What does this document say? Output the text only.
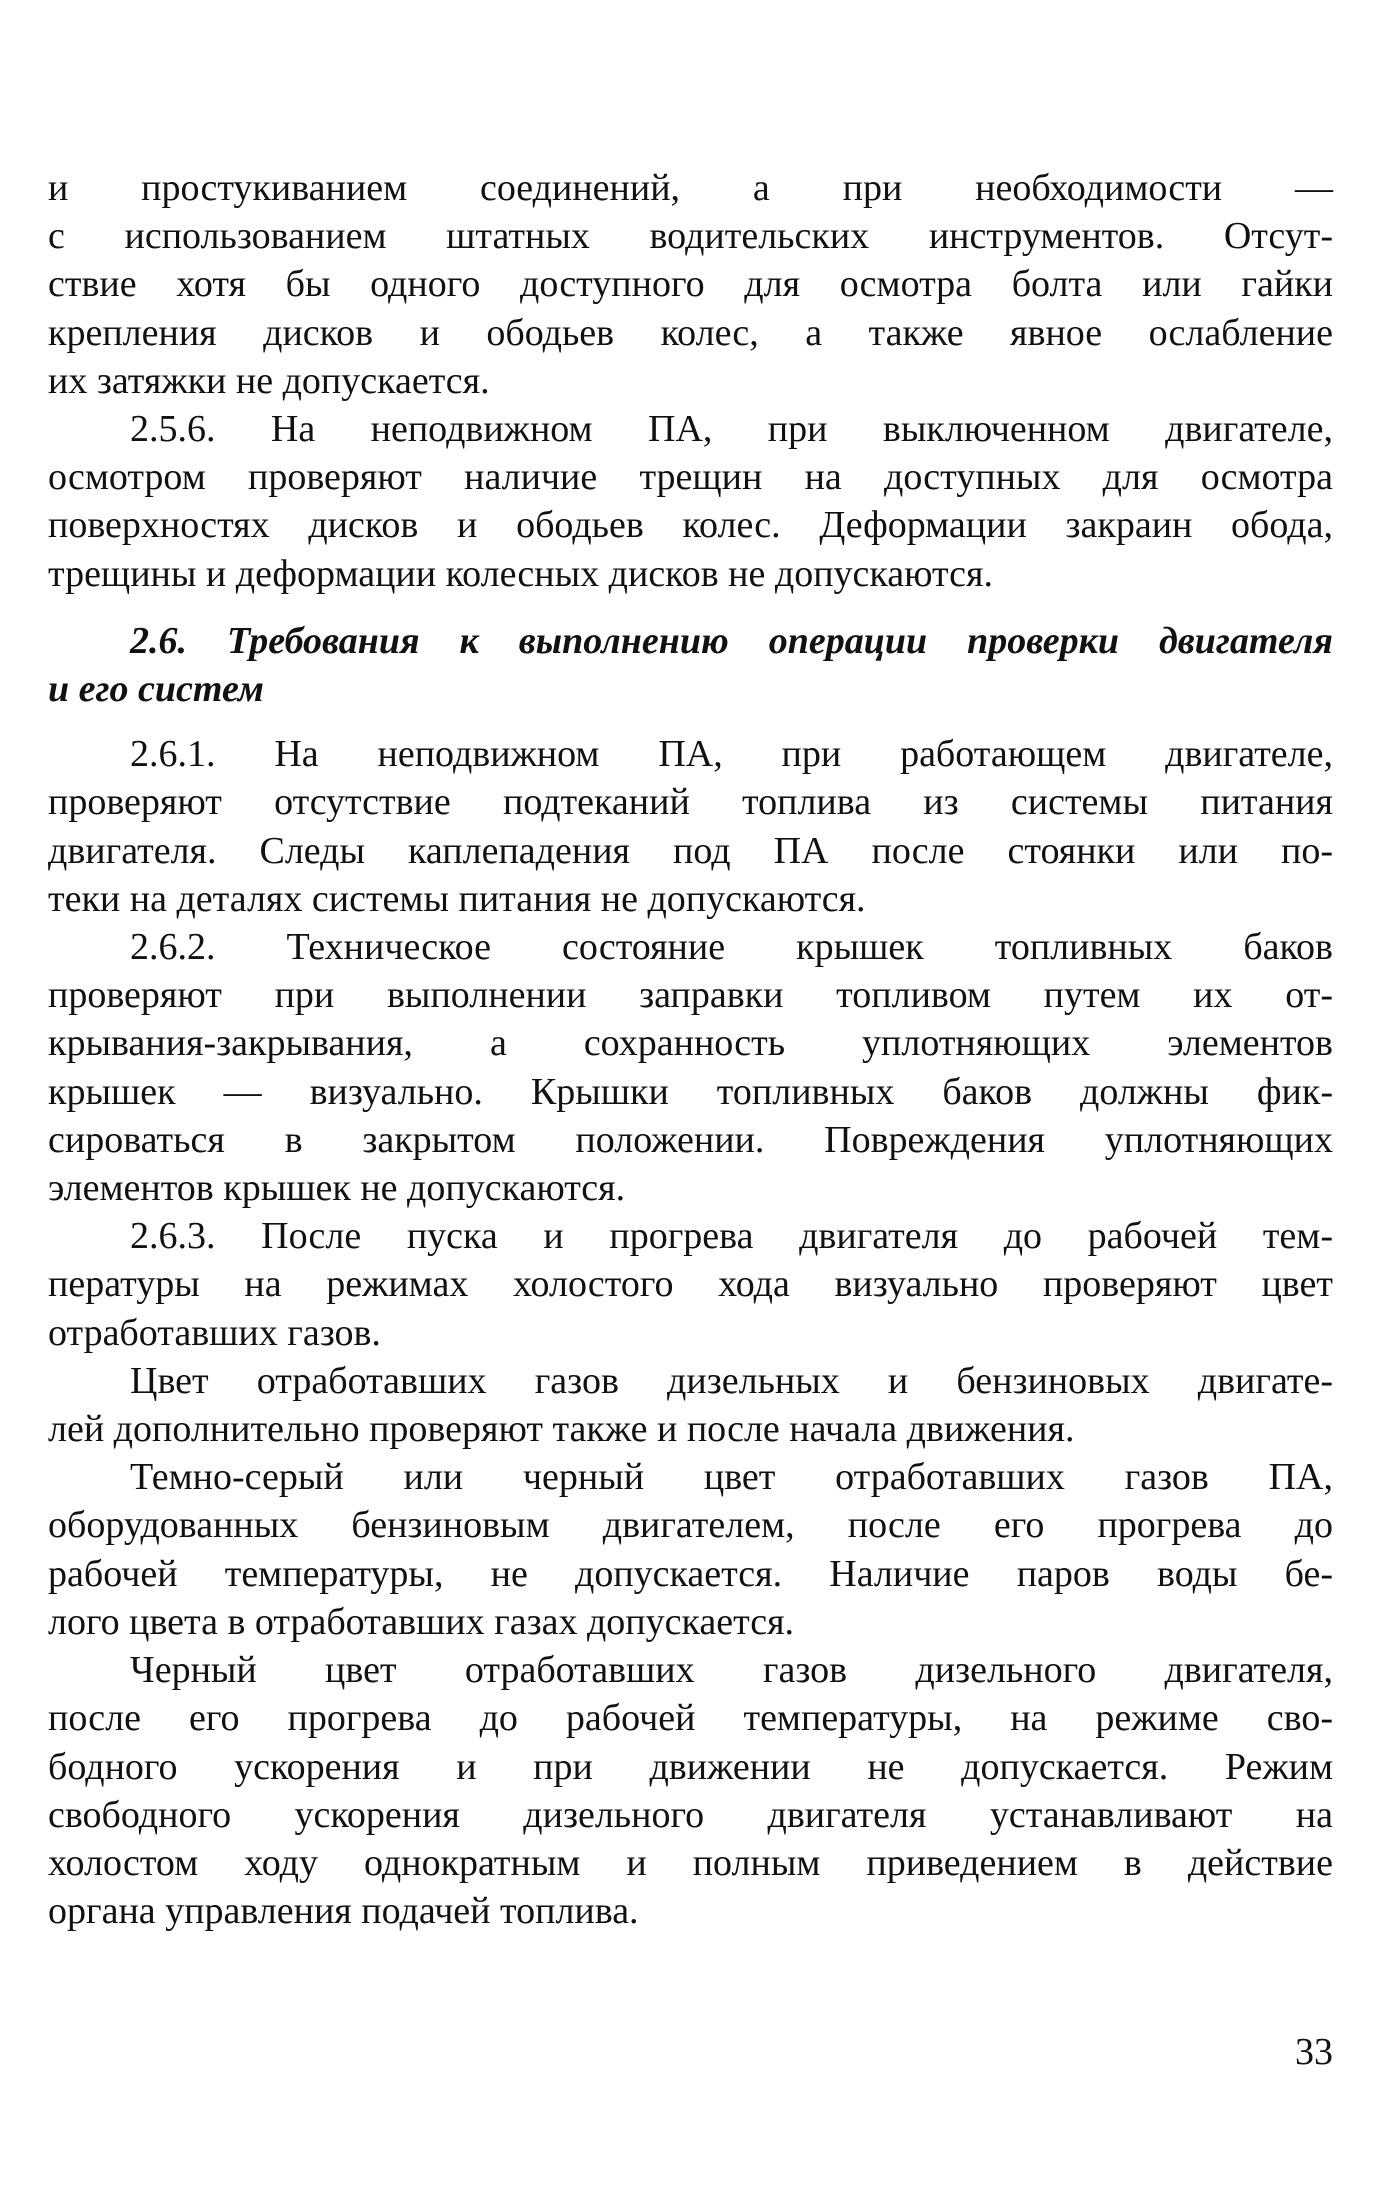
и простукиванием соединений, а при необходимости —
с использованием штатных водительских инструментов. Отсут-
ствие хотя бы одного доступного для осмотра болта или гайки
крепления дисков и ободьев колес, а также явное ослабление
их затяжки не допускается.
2.5.6. На неподвижном ПА, при выключенном двигателе,
осмотром проверяют наличие трещин на доступных для осмотра
поверхностях дисков и ободьев колес. Деформации закраин обода,
трещины и деформации колесных дисков не допускаются.
2.6. Требования к выполнению операции проверки двигателя
и его систем
2.6.1. На неподвижном ПА, при работающем двигателе,
проверяют отсутствие подтеканий топлива из системы питания
двигателя. Следы каплепадения под ПА после стоянки или по-
теки на деталях системы питания не допускаются.
2.6.2. Техническое состояние крышек топливных баков
проверяют при выполнении заправки топливом путем их от-
крывания-закрывания, а сохранность уплотняющих элементов
крышек — визуально. Крышки топливных баков должны фик-
сироваться в закрытом положении. Повреждения уплотняющих
элементов крышек не допускаются.
2.6.3. После пуска и прогрева двигателя до рабочей тем-
пературы на режимах холостого хода визуально проверяют цвет
отработавших газов.
Цвет отработавших газов дизельных и бензиновых двигате-
лей дополнительно проверяют также и после начала движения.
Темно-серый или черный цвет отработавших газов ПА,
оборудованных бензиновым двигателем, после его прогрева до
рабочей температуры, не допускается. Наличие паров воды бе-
лого цвета в отработавших газах допускается.
Черный цвет отработавших газов дизельного двигателя,
после его прогрева до рабочей температуры, на режиме сво-
бодного ускорения и при движении не допускается. Режим
свободного ускорения дизельного двигателя устанавливают на
холостом ходу однократным и полным приведением в действие
органа управления подачей топлива.
33
